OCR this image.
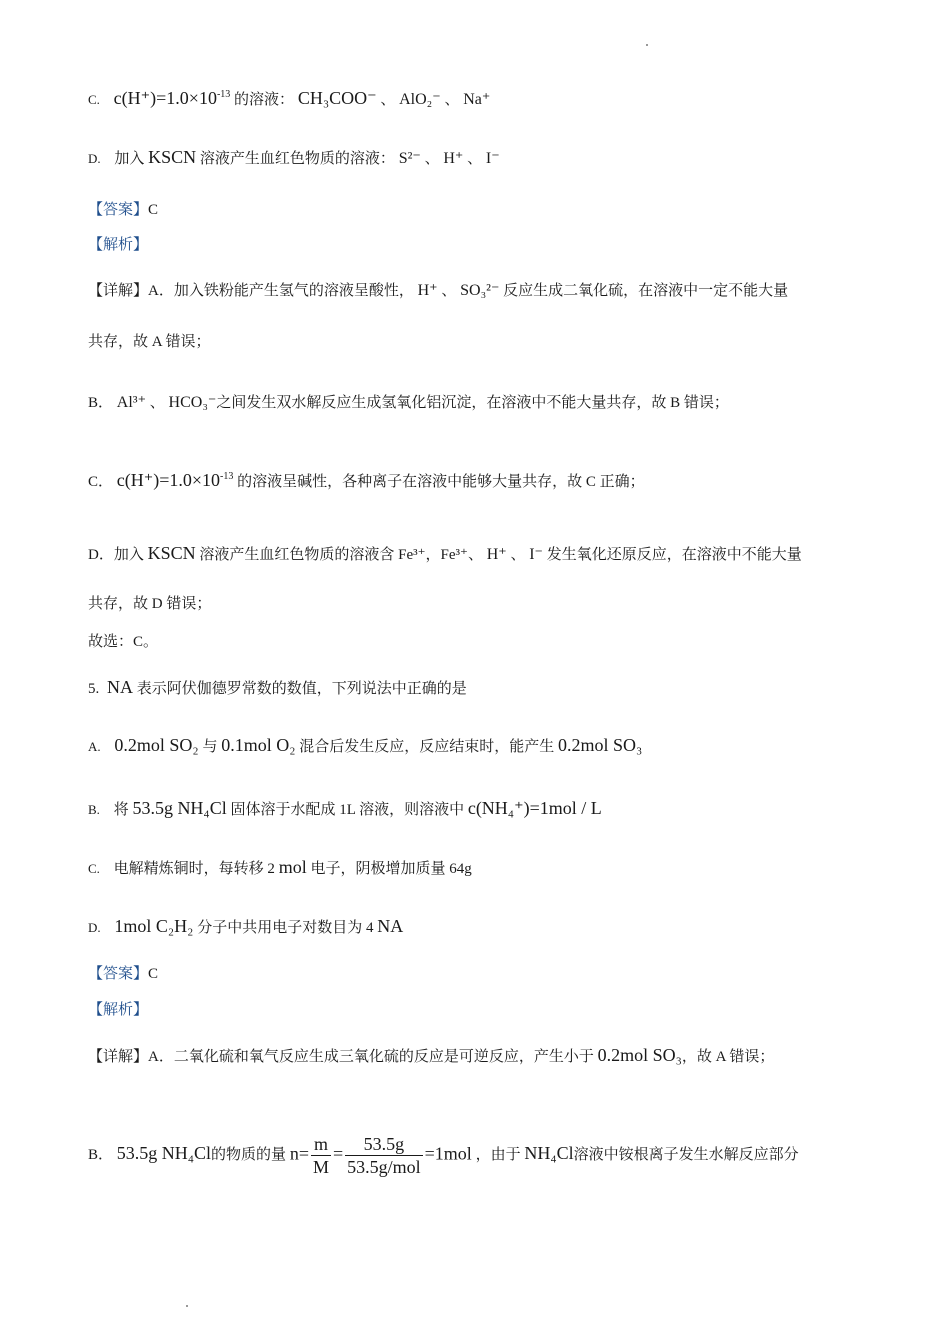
C. $c(H^+)=1.0\times 10^{-13}$ 的溶液： CH₃COO⁻ 、 AlO₂⁻ 、 Na⁺
D. 加入 KSCN 溶液产生血红色物质的溶液： S²⁻ 、 H⁺ 、 I⁻
【答案】C
【解析】
【详解】A．加入铁粉能产生氢气的溶液呈酸性， H⁺ 、 SO₃²⁻ 反应生成二氧化硫，在溶液中一定不能大量
共存，故 A 错误；
B． Al³⁺ 、 HCO₃⁻之间发生双水解反应生成氢氧化铝沉淀，在溶液中不能大量共存，故 B 错误；
C． $c(H^+)=1.0\times 10^{-13}$ 的溶液呈碱性，各种离子在溶液中能够大量共存，故 C 正确；
D．加入 KSCN 溶液产生血红色物质的溶液含 Fe³⁺，Fe³⁺、 H⁺ 、 I⁻ 发生氧化还原反应，在溶液中不能大量
共存，故 D 错误；
故选：C。
5. NA 表示阿伏伽德罗常数的数值，下列说法中正确的是
A. 0.2mol SO₂ 与 0.1mol O₂ 混合后发生反应，反应结束时，能产生 0.2mol SO₃
B. 将 53.5g NH₄Cl 固体溶于水配成 1L 溶液，则溶液中 c(NH₄⁺)=1mol / L
C. 电解精炼铜时，每转移 2 mol 电子，阴极增加质量 64g
D. 1mol C₂H₂ 分子中共用电子对数目为 4 NA
【答案】C
【解析】
【详解】A．二氧化硫和氧气反应生成三氧化硫的反应是可逆反应，产生小于 0.2mol SO₃，故 A 错误；
B． 53.5g NH₄Cl的物质的量 $n= \frac{m}{M} = \frac{53.5g}{\text{53.5g/mol}} =1mol$ ，由于 NH₄Cl溶液中铵根离子发生水解反应部分
